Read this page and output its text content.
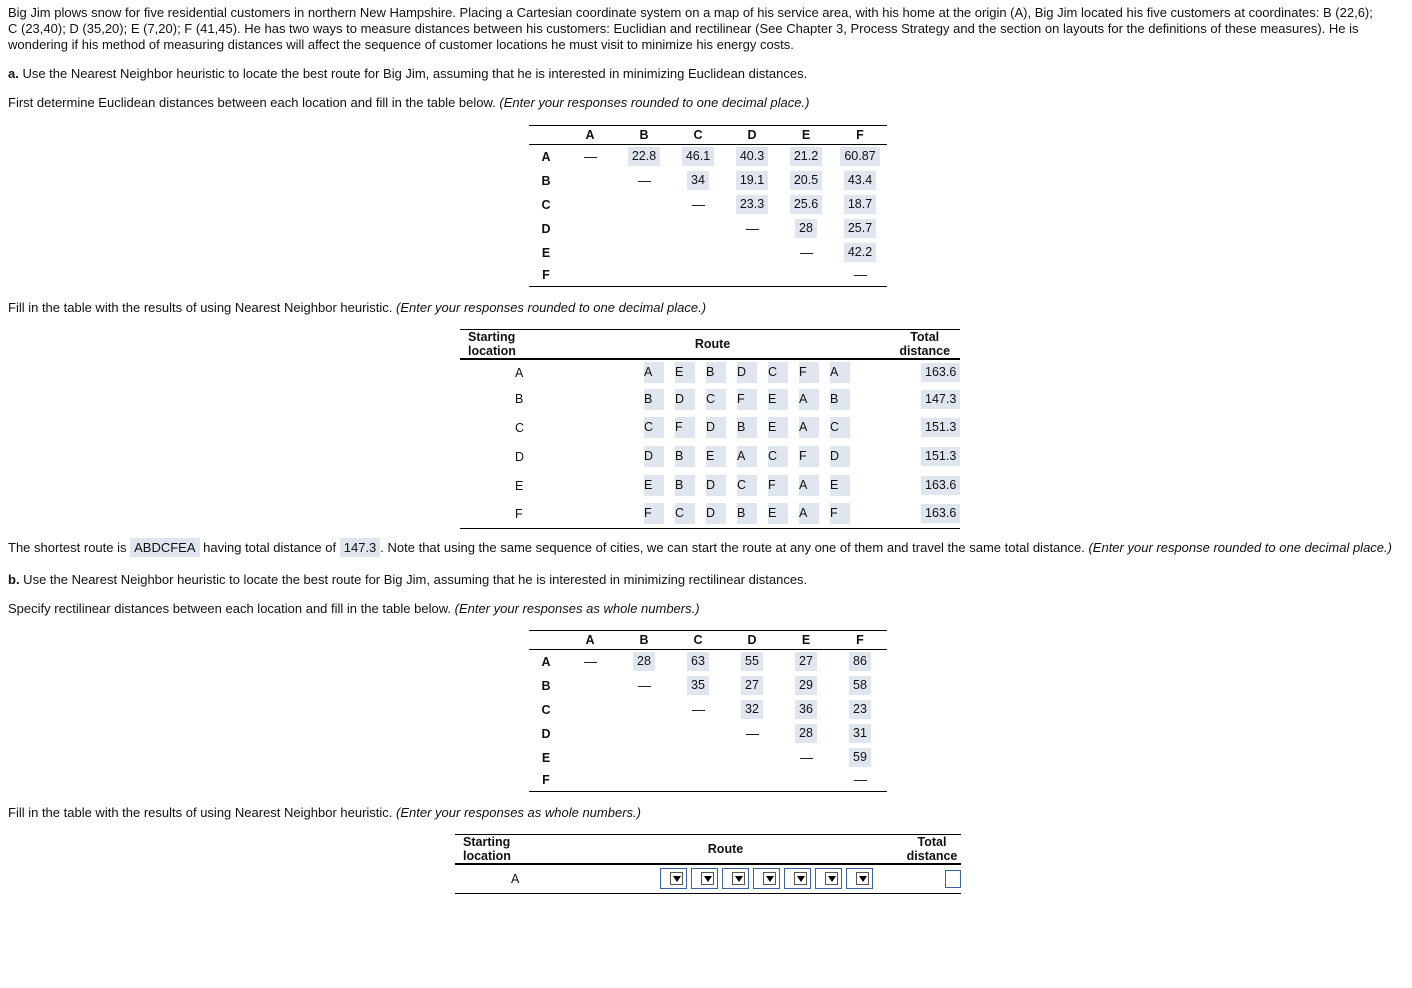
Big Jim plows snow for five residential customers in northern New Hampshire. Placing a Cartesian coordinate system on a map of his service area, with his home at the origin (A), Big Jim located his five customers at coordinates: B (22,6);
C (23,40); D (35,20); E (7,20); F (41,45). He has two ways to measure distances between his customers: Euclidian and rectilinear (See Chapter 3, Process Strategy and the section on layouts for the definitions of these measures). He is
wondering if his method of measuring distances will affect the sequence of customer locations he must visit to minimize his energy costs.
a. Use the Nearest Neighbor heuristic to locate the best route for Big Jim, assuming that he is interested in minimizing Euclidean distances.
First determine Euclidean distances between each location and fill in the table below. (Enter your responses rounded to one decimal place.)
	A	B	C	D	E	F
A		22.8	46.1	40.3	21.2	60.87
B			34	19.1	20.5	43.4
C				23.3	25.6	18.7
D					28	25.7
E						42.2
F						
Fill in the table with the results of using Nearest Neighbor heuristic. (Enter your responses rounded to one decimal place.)
Starting location	Route	Total distance
A	A E B D C F A	163.6
B	B D C F E A B	147.3
C	C F D B E A C	151.3
D	D B E A C F D	151.3
E	E B D C F A E	163.6
F	F C D B E A F	163.6
The shortest route is ABDCFEA having total distance of 147.3 . Note that using the same sequence of cities, we can start the route at any one of them and travel the same total distance. (Enter your response rounded to one decimal place.)
b. Use the Nearest Neighbor heuristic to locate the best route for Big Jim, assuming that he is interested in minimizing rectilinear distances.
Specify rectilinear distances between each location and fill in the table below. (Enter your responses as whole numbers.)
	A	B	C	D	E	F
A		28	63	55	27	86
B			35	27	29	58
C				32	36	23
D					28	31
E						59
F						
Fill in the table with the results of using Nearest Neighbor heuristic. (Enter your responses as whole numbers.)
Starting location	Route	Total distance
A	
